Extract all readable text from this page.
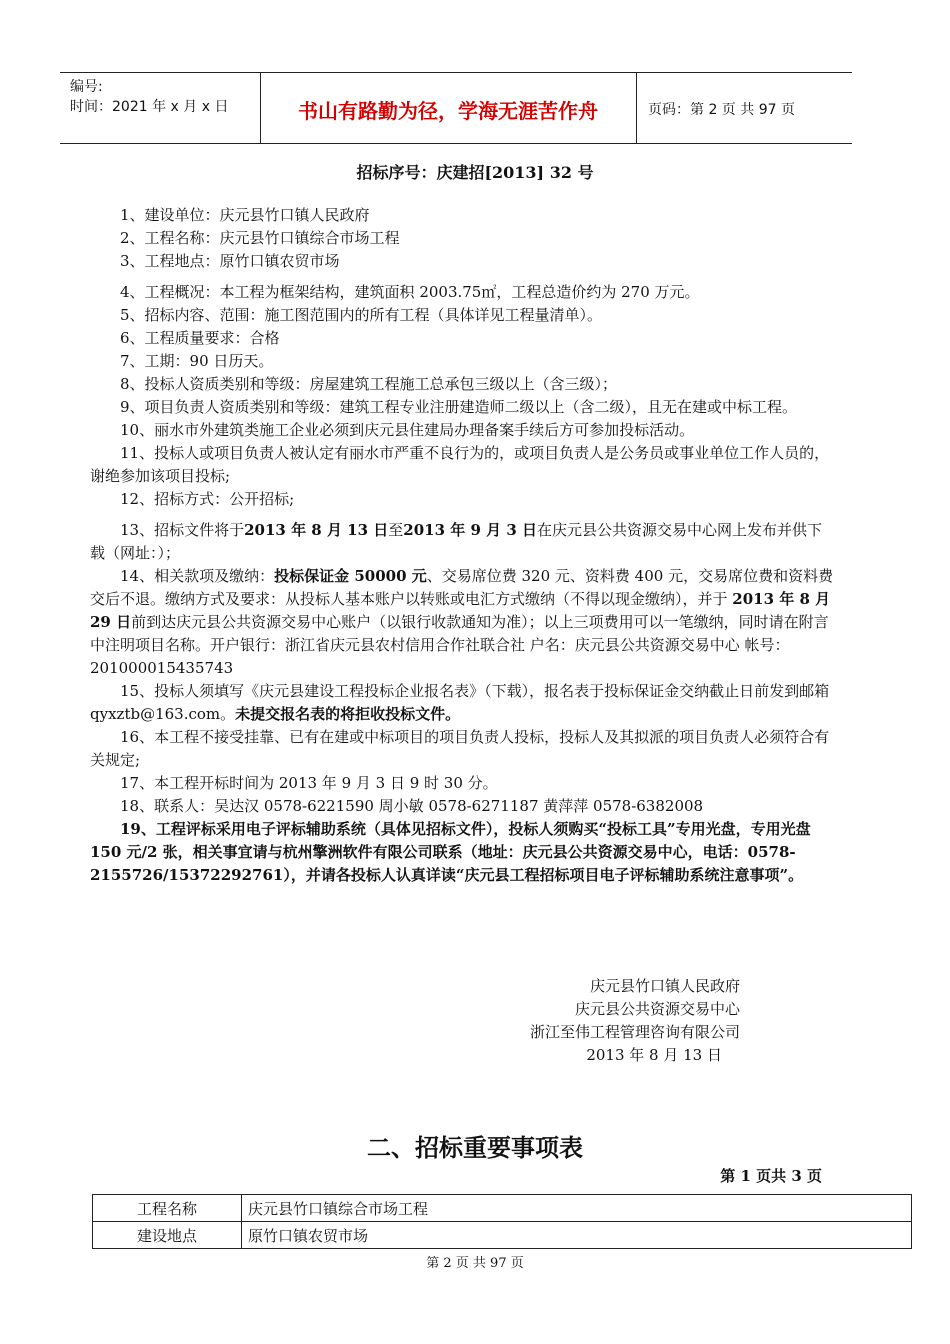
编号:
时间：2021 年 x 月 x 日	书山有路勤为径，学海无涯苦作舟	页码：第 2 页 共 97 页
招标序号：庆建招[2013] 32 号

1、建设单位：庆元县竹口镇人民政府

2、工程名称：庆元县竹口镇综合市场工程

3、工程地点：原竹口镇农贸市场

4、工程概况：本工程为框架结构，建筑面积 2003.75㎡，工程总造价约为 270 万元。

5、招标内容、范围：施工图范围内的所有工程（具体详见工程量清单）。

6、工程质量要求：合格

7、工期：90 日历天。

8、投标人资质类别和等级：房屋建筑工程施工总承包三级以上（含三级）；

9、项目负责人资质类别和等级：建筑工程专业注册建造师二级以上（含二级），且无在建或中标工程。

10、丽水市外建筑类施工企业必须到庆元县住建局办理备案手续后方可参加投标活动。

11、投标人或项目负责人被认定有丽水市严重不良行为的，或项目负责人是公务员或事业单位工作人员的，谢绝参加该项目投标;

12、招标方式：公开招标;

13、招标文件将于2013 年 8 月 13 日至2013 年 9 月 3 日在庆元县公共资源交易中心网上发布并供下载（网址：）；

14、相关款项及缴纳：投标保证金 50000 元、交易席位费 320 元、资料费 400 元，交易席位费和资料费交后不退。缴纳方式及要求：从投标人基本账户以转账或电汇方式缴纳（不得以现金缴纳），并于 2013 年 8 月 29 日前到达庆元县公共资源交易中心账户（以银行收款通知为准）；以上三项费用可以一笔缴纳，同时请在附言中注明项目名称。开户银行：浙江省庆元县农村信用合作社联合社 户名：庆元县公共资源交易中心 帐号：201000015435743

15、投标人须填写《庆元县建设工程投标企业报名表》（下载），报名表于投标保证金交纳截止日前发到邮箱 qyxztb@163.com。未提交报名表的将拒收投标文件。

16、本工程不接受挂靠、已有在建或中标项目的项目负责人投标，投标人及其拟派的项目负责人必须符合有关规定;

17、本工程开标时间为 2013 年 9 月 3 日 9 时 30 分。

18、联系人：吴达汉 0578-6221590 周小敏 0578-6271187 黄萍萍 0578-6382008

19、工程评标采用电子评标辅助系统（具体见招标文件），投标人须购买“投标工具”专用光盘，专用光盘 150 元/2 张，相关事宜请与杭州擎洲软件有限公司联系（地址：庆元县公共资源交易中心，电话：0578-2155726/15372292761），并请各投标人认真详读“庆元县工程招标项目电子评标辅助系统注意事项”。

庆元县竹口镇人民政府
庆元县公共资源交易中心
浙江至伟工程管理咨询有限公司
2013 年 8 月 13 日
二、招标重要事项表
第 1 页共 3 页
工程名称	庆元县竹口镇综合市场工程
建设地点	原竹口镇农贸市场
第 2 页 共 97 页
